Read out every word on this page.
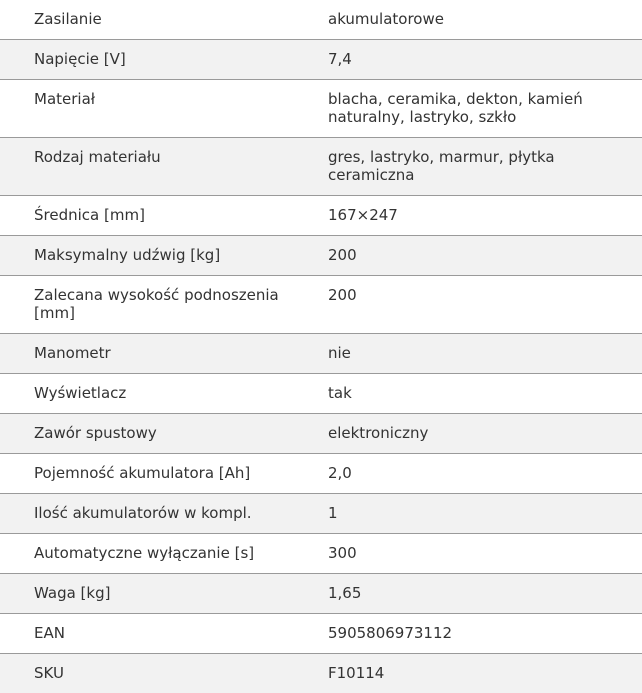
Zasilanie	akumulatorowe
Napięcie [V]	7,4
Materiał	blacha, ceramika, dekton, kamień naturalny, lastryko, szkło
Rodzaj materiału	gres, lastryko, marmur, płytka ceramiczna
Średnica [mm]	167×247
Maksymalny udźwig [kg]	200
Zalecana wysokość podnoszenia [mm]	200
Manometr	nie
Wyświetlacz	tak
Zawór spustowy	elektroniczny
Pojemność akumulatora [Ah]	2,0
Ilość akumulatorów w kompl.	1
Automatyczne wyłączanie [s]	300
Waga [kg]	1,65
EAN	5905806973112
SKU	F10114
